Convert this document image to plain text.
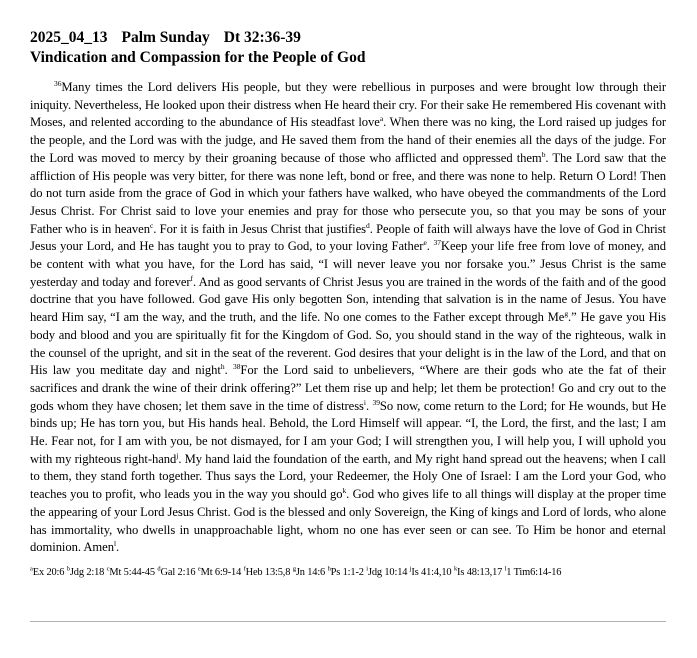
2025_04_13 Palm Sunday Dt 32:36-39
Vindication and Compassion for the People of God
$^{36}$Many times the Lord delivers His people, but they were rebellious in purposes and were brought low through their iniquity. Nevertheless, He looked upon their distress when He heard their cry. For their sake He remembered His covenant with Moses, and relented according to the abundance of His steadfast love$^a$. When there was no king, the Lord raised up judges for the people, and the Lord was with the judge, and He saved them from the hand of their enemies all the days of the judge. For the Lord was moved to mercy by their groaning because of those who afflicted and oppressed them$^b$. The Lord saw that the affliction of His people was very bitter, for there was none left, bond or free, and there was none to help. Return O Lord! Then do not turn aside from the grace of God in which your fathers have walked, who have obeyed the commandments of the Lord Jesus Christ. For Christ said to love your enemies and pray for those who persecute you, so that you may be sons of your Father who is in heaven$^c$. For it is faith in Jesus Christ that justifies$^d$. People of faith will always have the love of God in Christ Jesus your Lord, and He has taught you to pray to God, to your loving Father$^e$. $^{37}$Keep your life free from love of money, and be content with what you have, for the Lord has said, “I will never leave you nor forsake you.” Jesus Christ is the same yesterday and today and forever$^f$. And as good servants of Christ Jesus you are trained in the words of the faith and of the good doctrine that you have followed. God gave His only begotten Son, intending that salvation is in the name of Jesus. You have heard Him say, “I am the way, and the truth, and the life. No one comes to the Father except through Me$^g$.” He gave you His body and blood and you are spiritually fit for the Kingdom of God. So, you should stand in the way of the righteous, walk in the counsel of the upright, and sit in the seat of the reverent. God desires that your delight is in the law of the Lord, and that on His law you meditate day and night$^h$. $^{38}$For the Lord said to unbelievers, “Where are their gods who ate the fat of their sacrifices and drank the wine of their drink offering?” Let them rise up and help; let them be protection! Go and cry out to the gods whom they have chosen; let them save in the time of distress$^i$. $^{39}$So now, come return to the Lord; for He wounds, but He binds up; He has torn you, but His hands heal. Behold, the Lord Himself will appear. “I, the Lord, the first, and the last; I am He. Fear not, for I am with you, be not dismayed, for I am your God; I will strengthen you, I will help you, I will uphold you with my righteous right-hand$^j$. My hand laid the foundation of the earth, and My right hand spread out the heavens; when I call to them, they stand forth together. Thus says the Lord, your Redeemer, the Holy One of Israel: I am the Lord your God, who teaches you to profit, who leads you in the way you should $go^k$. God who gives life to all things will display at the proper time the appearing of your Lord Jesus Christ. God is the blessed and only Sovereign, the King of kings and Lord of lords, who alone has immortality, who dwells in unapproachable light, whom no one has ever seen or can see. To Him be honor and eternal dominion. Amen$^l$.
$^a$Ex 20:6 $^b$Jdg 2:18 $^c$Mt 5:44-45 $^d$Gal 2:16 $^e$Mt 6:9-14 $^f$Heb 13:5,8 $^g$Jn 14:6 $^h$Ps 1:1-2 $^i$Jdg 10:14 $^j$Is 41:4,10 $^k$Is 48:13,17 $^l$1 Tim6:14-16
